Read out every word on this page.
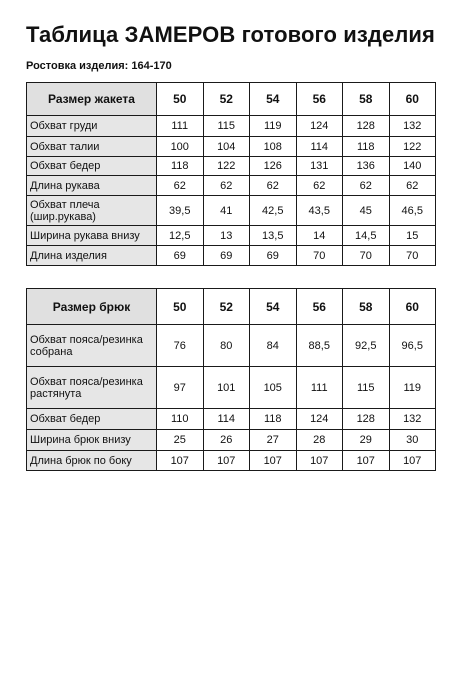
Таблица ЗАМЕРОВ готового изделия

Ростовка изделия: 164-170

Размер жакета	50	52	54	56	58	60
Обхват груди	111	115	119	124	128	132
Обхват талии	100	104	108	114	118	122
Обхват бедер	118	122	126	131	136	140
Длина рукава	62	62	62	62	62	62
Обхват плеча (шир.рукава)	39,5	41	42,5	43,5	45	46,5
Ширина рукава внизу	12,5	13	13,5	14	14,5	15
Длина изделия	69	69	69	70	70	70
Размер брюк	50	52	54	56	58	60
Обхват пояса/резинка собрана	76	80	84	88,5	92,5	96,5
Обхват пояса/резинка растянута	97	101	105	111	115	119
Обхват бедер	110	114	118	124	128	132
Ширина брюк внизу	25	26	27	28	29	30
Длина брюк по боку	107	107	107	107	107	107
